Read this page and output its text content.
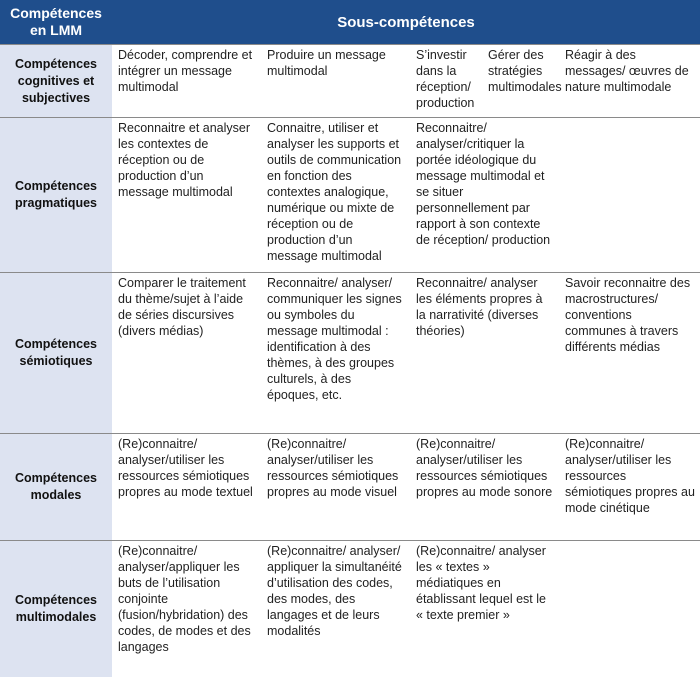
Compétences en LMM	Sous-compétences				
Compétences cognitives et subjectives	Décoder, comprendre et intégrer un message multimodal	Produire un message multimodal	S’investir dans la réception/ production	Gérer des stratégies multimodales	Réagir à des messages/ œuvres de nature multimodale
Compétences pragmatiques	Reconnaitre et analyser les contextes de réception ou de production d’un message multimodal	Connaitre, utiliser et analyser les supports et outils de communication en fonction des contextes analogique, numérique ou mixte de réception ou de production d’un message multimodal	Reconnaitre/ analyser/critiquer la portée idéologique du message multimodal et se situer personnellement par rapport à son contexte de réception/ production		
Compétences sémiotiques	Comparer le traitement du thème/sujet à l’aide de séries discursives (divers médias)	Reconnaitre/ analyser/ communiquer les signes ou symboles du message multimodal : identification à des thèmes, à des groupes culturels, à des époques, etc.	Reconnaitre/ analyser les éléments propres à la narrativité (diverses théories)		Savoir reconnaitre des macrostructures/ conventions communes à travers différents médias
Compétences modales	(Re)connaitre/ analyser/utiliser les ressources sémiotiques propres au mode textuel	(Re)connaitre/ analyser/utiliser les ressources sémiotiques propres au mode visuel	(Re)connaitre/ analyser/utiliser les ressources sémiotiques propres au mode sonore		(Re)connaitre/ analyser/utiliser les ressources sémiotiques propres au mode cinétique
Compétences multimodales	(Re)connaitre/ analyser/appliquer les buts de l’utilisation conjointe (fusion/hybridation) des codes, de modes et des langages	(Re)connaitre/ analyser/ appliquer la simultanéité d’utilisation des codes, des modes, des langages et de leurs modalités	(Re)connaitre/ analyser les « textes » médiatiques en établissant lequel est le « texte premier »		
